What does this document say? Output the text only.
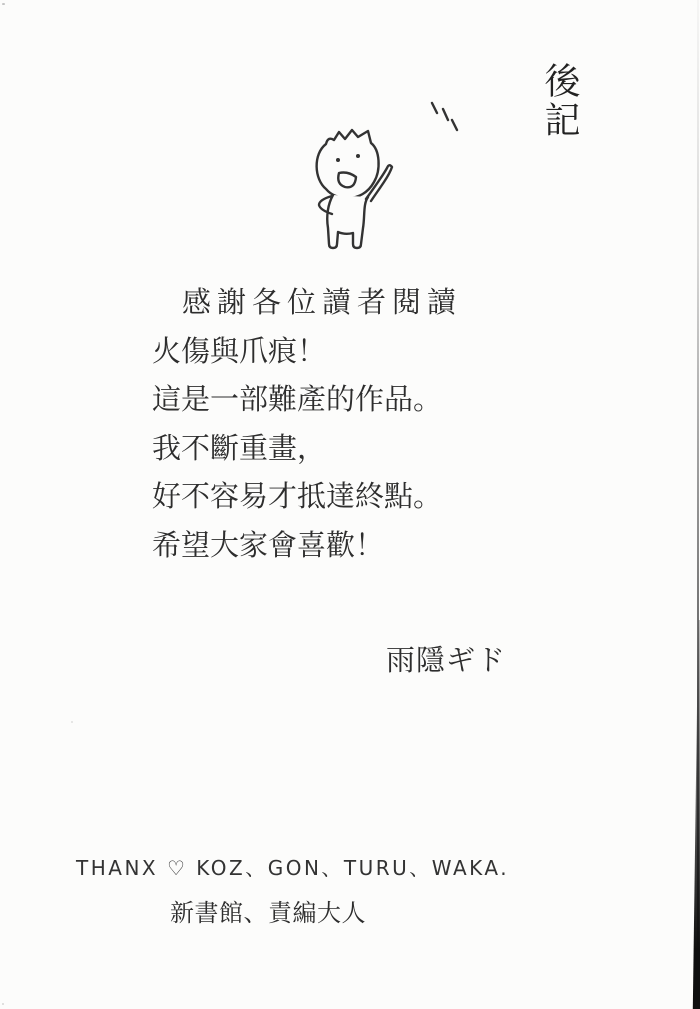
後記
感謝各位讀者閱讀
火傷與爪痕！
這是一部難產的作品。
我不斷重畫，
好不容易才抵達終點。
希望大家會喜歡！
雨隱ギド
THANX ♡ KOZ、GON、TURU、WAKA.
新書館、責編大人
